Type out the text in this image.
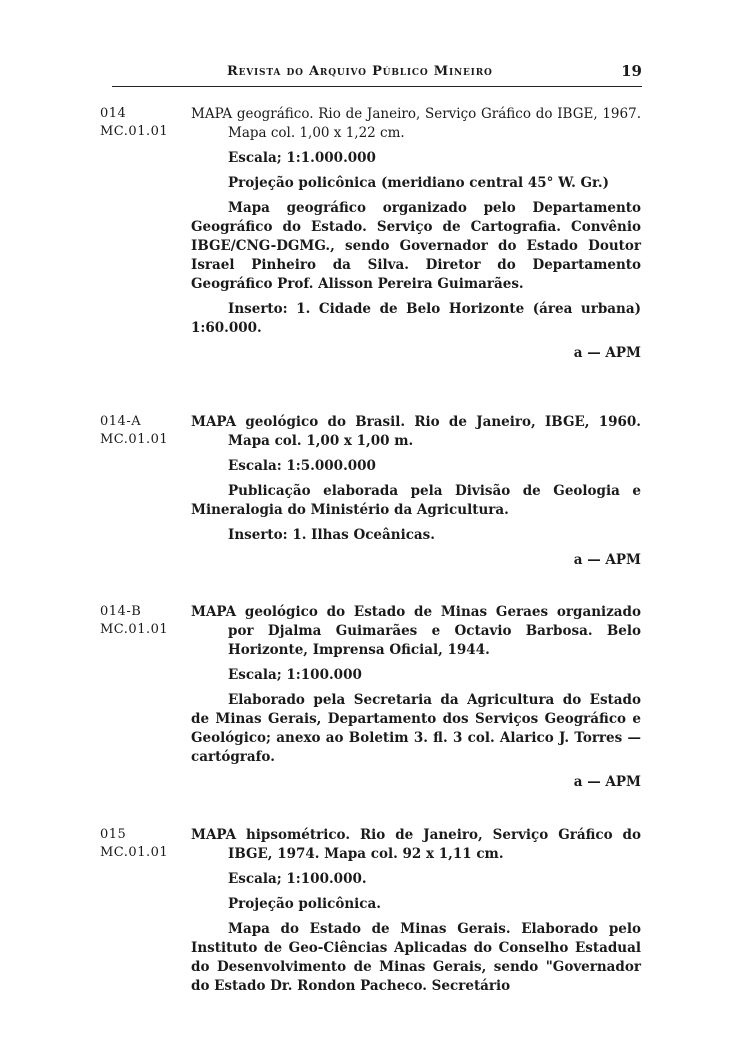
Revista do Arquivo Público Mineiro	19
014
MC.01.01

MAPA geográfico. Rio de Janeiro, Serviço Gráfico do IBGE, 1967. Mapa col. 1,00 x 1,22 cm.

Escala; 1:1.000.000

Projeção policônica (meridiano central 45° W. Gr.)

Mapa geográfico organizado pelo Departamento Geográfico do Estado. Serviço de Cartografia. Convênio IBGE/CNG-DGMG., sendo Governador do Estado Doutor Israel Pinheiro da Silva. Diretor do Departamento Geográfico Prof. Alisson Pereira Guimarães.

Inserto: 1. Cidade de Belo Horizonte (área urbana) 1:60.000.

a — APM

014-A
MC.01.01

MAPA geológico do Brasil. Rio de Janeiro, IBGE, 1960. Mapa col. 1,00 x 1,00 m.

Escala: 1:5.000.000

Publicação elaborada pela Divisão de Geologia e Mineralogia do Ministério da Agricultura.

Inserto: 1. Ilhas Oceânicas.

a — APM

014-B
MC.01.01

MAPA geológico do Estado de Minas Geraes organizado por Djalma Guimarães e Octavio Barbosa. Belo Horizonte, Imprensa Oficial, 1944.

Escala; 1:100.000

Elaborado pela Secretaria da Agricultura do Estado de Minas Gerais, Departamento dos Serviços Geográfico e Geológico; anexo ao Boletim 3. fl. 3 col. Alarico J. Torres — cartógrafo.

a — APM

015
MC.01.01

MAPA hipsométrico. Rio de Janeiro, Serviço Gráfico do IBGE, 1974. Mapa col. 92 x 1,11 cm.

Escala; 1:100.000.

Projeção policônica.

Mapa do Estado de Minas Gerais. Elaborado pelo Instituto de Geo-Ciências Aplicadas do Conselho Estadual do Desenvolvimento de Minas Gerais, sendo "Governador do Estado Dr. Rondon Pacheco. Secretário
